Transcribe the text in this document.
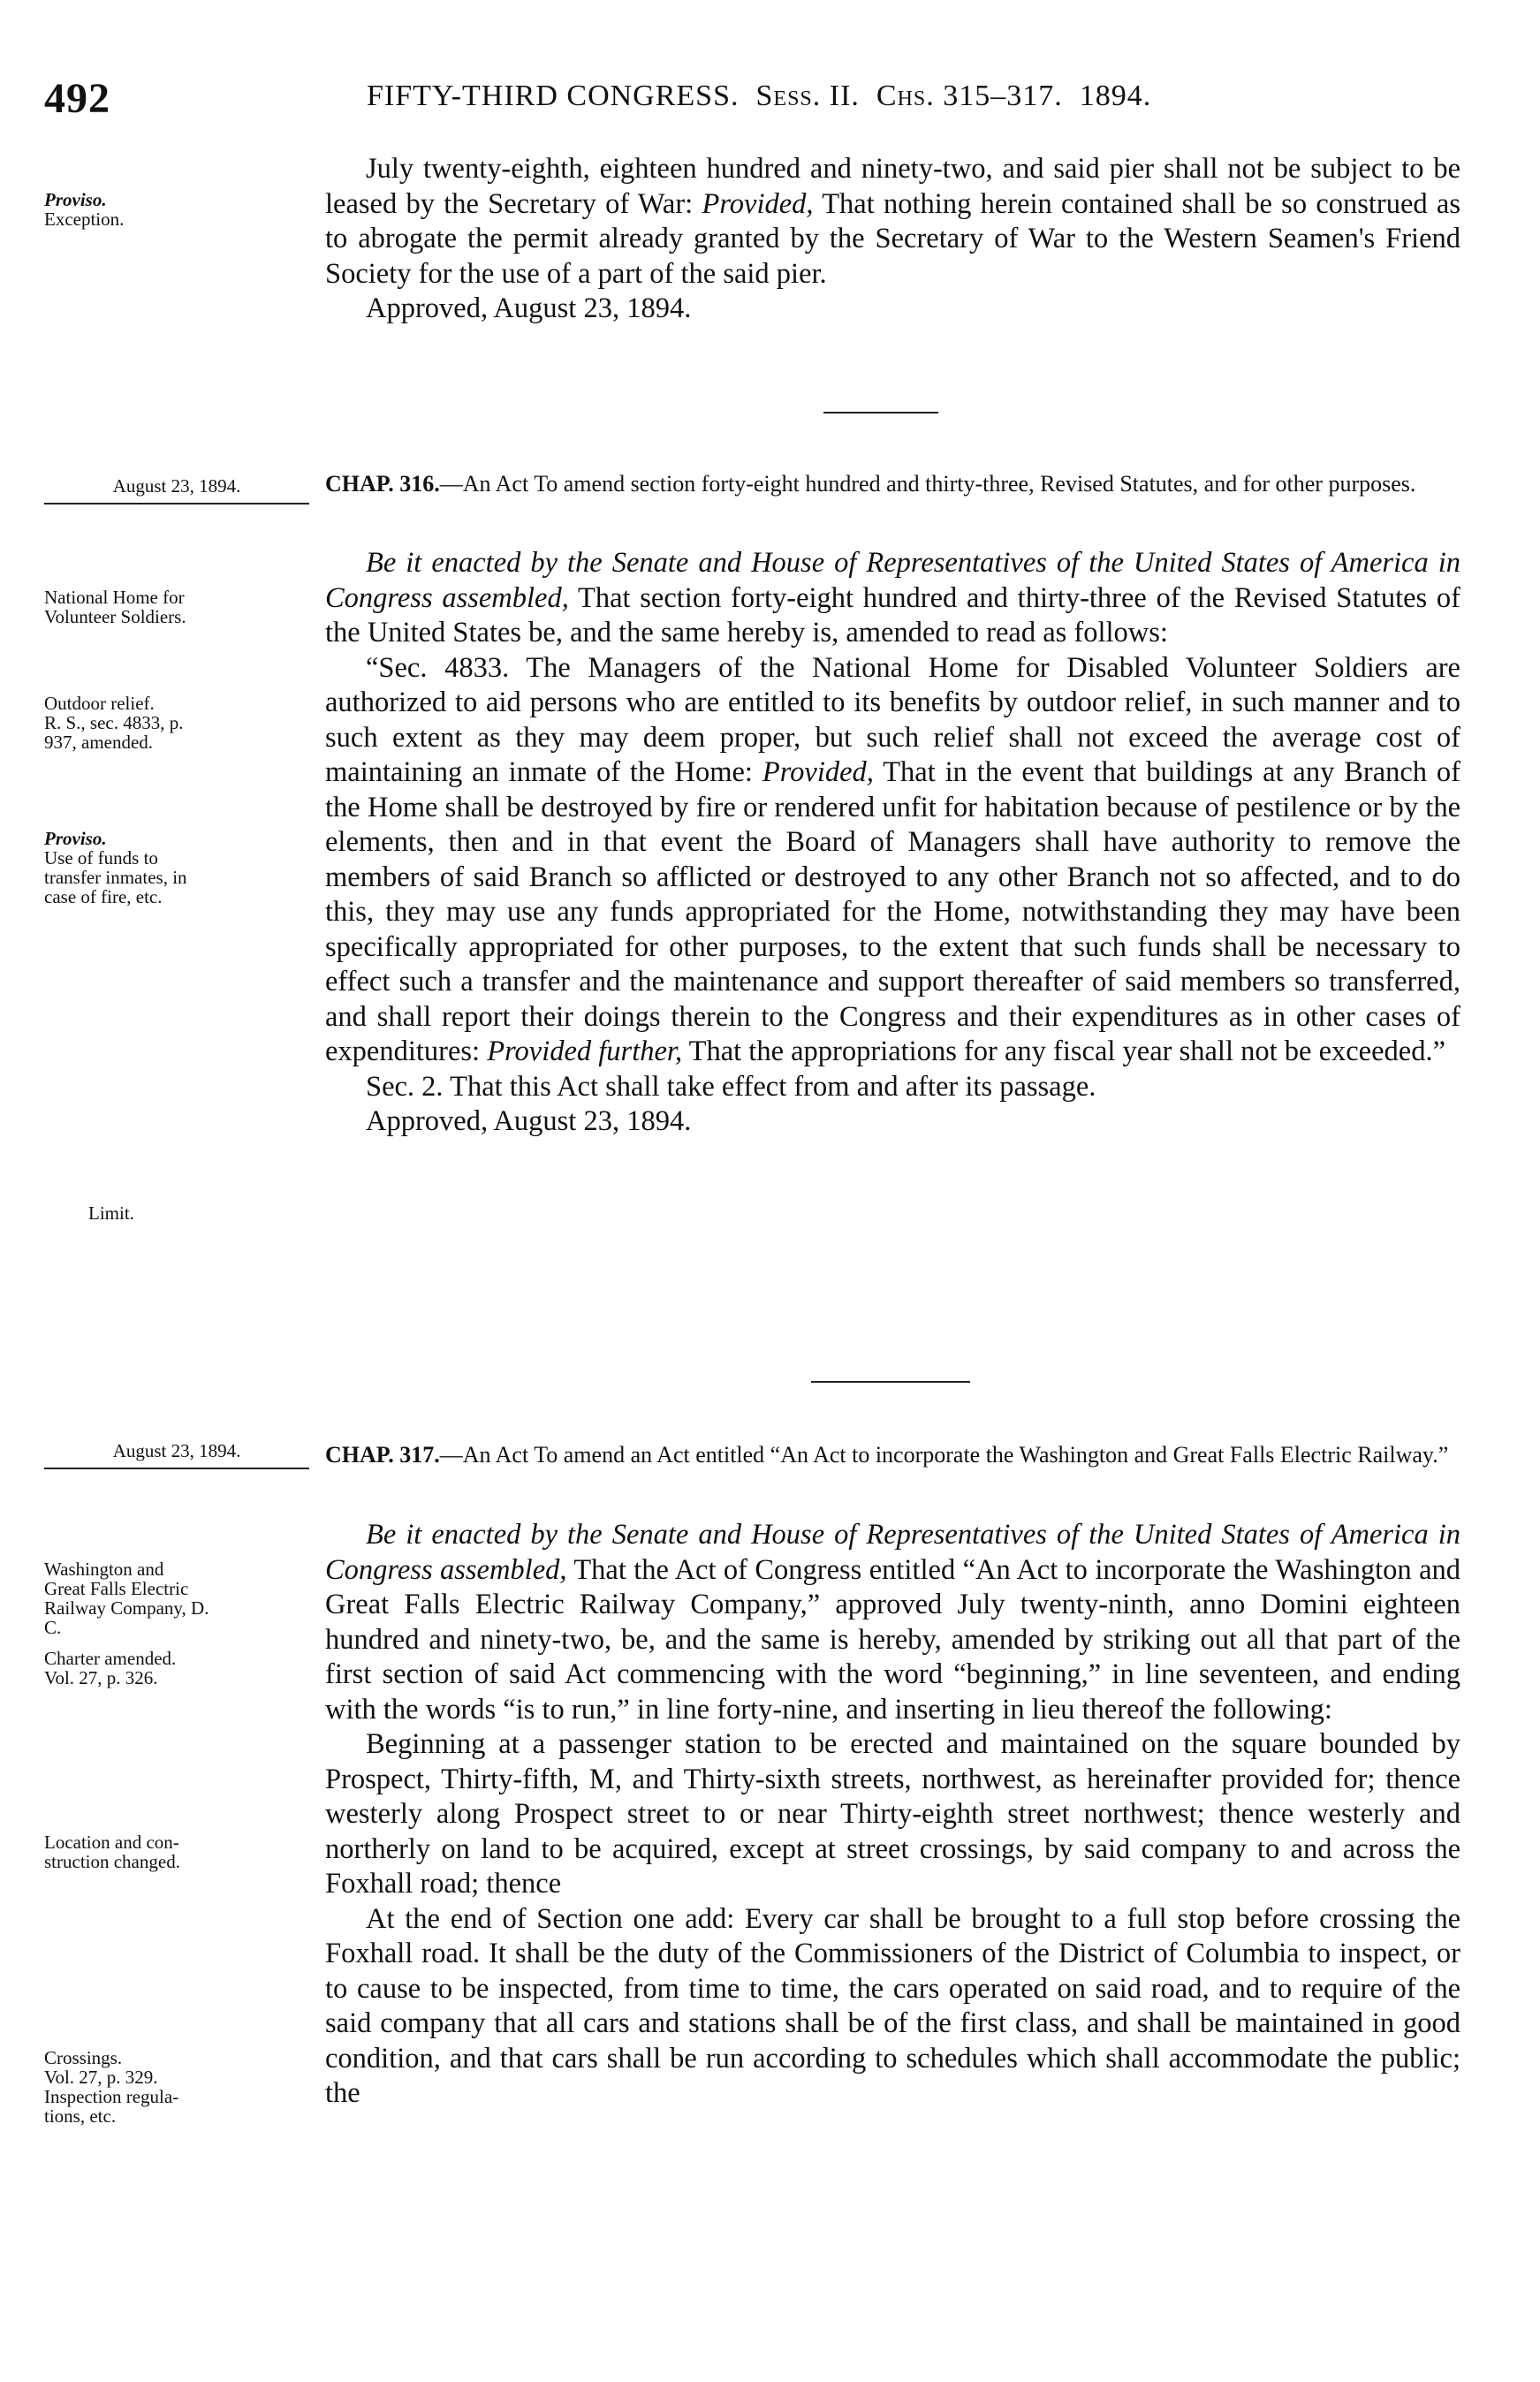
492	FIFTY-THIRD CONGRESS. Sess. II. Chs. 315–317. 1894.
Proviso.
Exception.
August 23, 1894.
National Home for
Volunteer Soldiers.
Outdoor relief.
R. S., sec. 4833, p.
937, amended.
Proviso.
Use of funds to
transfer inmates, in
case of fire, etc.
Limit.
August 23, 1894.
Washington and
Great Falls Electric
Railway Company, D.
C.
Charter amended.
Vol. 27, p. 326.
Location and con-
struction changed.
Crossings.
Vol. 27, p. 329.
Inspection regula-
tions, etc.

July twenty-eighth, eighteen hundred and ninety-two, and said pier shall not be subject to be leased by the Secretary of War: Provided, That nothing herein contained shall be so construed as to abrogate the permit already granted by the Secretary of War to the Western Seamen's Friend Society for the use of a part of the said pier.

Approved, August 23, 1894.

CHAP. 316.—An Act To amend section forty-eight hundred and thirty-three, Revised Statutes, and for other purposes.

Be it enacted by the Senate and House of Representatives of the United States of America in Congress assembled, That section forty-eight hundred and thirty-three of the Revised Statutes of the United States be, and the same hereby is, amended to read as follows:

“Sec. 4833. The Managers of the National Home for Disabled Volunteer Soldiers are authorized to aid persons who are entitled to its benefits by outdoor relief, in such manner and to such extent as they may deem proper, but such relief shall not exceed the average cost of maintaining an inmate of the Home: Provided, That in the event that buildings at any Branch of the Home shall be destroyed by fire or rendered unfit for habitation because of pestilence or by the elements, then and in that event the Board of Managers shall have authority to remove the members of said Branch so afflicted or destroyed to any other Branch not so affected, and to do this, they may use any funds appropriated for the Home, notwithstanding they may have been specifically appropriated for other purposes, to the extent that such funds shall be necessary to effect such a transfer and the maintenance and support thereafter of said members so transferred, and shall report their doings therein to the Congress and their expenditures as in other cases of expenditures: Provided further, That the appropriations for any fiscal year shall not be exceeded.”

Sec. 2. That this Act shall take effect from and after its passage.

Approved, August 23, 1894.

CHAP. 317.—An Act To amend an Act entitled “An Act to incorporate the Washington and Great Falls Electric Railway.”

Be it enacted by the Senate and House of Representatives of the United States of America in Congress assembled, That the Act of Congress entitled “An Act to incorporate the Washington and Great Falls Electric Railway Company,” approved July twenty-ninth, anno Domini eighteen hundred and ninety-two, be, and the same is hereby, amended by striking out all that part of the first section of said Act commencing with the word “beginning,” in line seventeen, and ending with the words “is to run,” in line forty-nine, and inserting in lieu thereof the following:

Beginning at a passenger station to be erected and maintained on the square bounded by Prospect, Thirty-fifth, M, and Thirty-sixth streets, northwest, as hereinafter provided for; thence westerly along Prospect street to or near Thirty-eighth street northwest; thence westerly and northerly on land to be acquired, except at street crossings, by said company to and across the Foxhall road; thence

At the end of Section one add: Every car shall be brought to a full stop before crossing the Foxhall road. It shall be the duty of the Commissioners of the District of Columbia to inspect, or to cause to be inspected, from time to time, the cars operated on said road, and to require of the said company that all cars and stations shall be of the first class, and shall be maintained in good condition, and that cars shall be run according to schedules which shall accommodate the public; the
